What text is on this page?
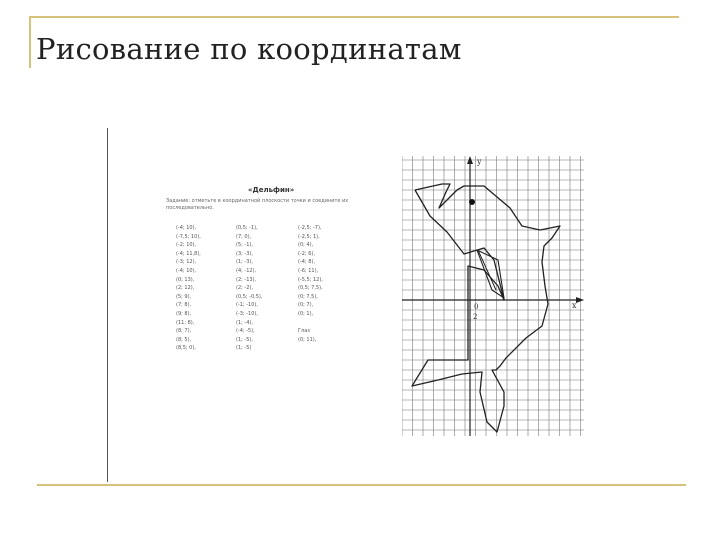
Рисование по координатам
«Дельфин»
Задание: отметьте в координатной плоскости точки и соедините их последовательно.
(-4; 10),
(-7,5; 10),
(-2; 10),
(-4; 11,8),
(-3; 12),
(-4; 10),
(0; 13),
(2; 12),
(5; 9),
(7; 8),
(9; 8),
(11; 8),
(8; 7),
(8; 5),
(8,5; 0),
(0,5; -1),
(7; 0),
(5; -1),
(3; -3),
(1; -3),
(4; -12),
(2; -13),
(2; -2),
(0,5; -0,5),
(-1; -10),
(-3; -10),
(1; -4),
(-4; -5),
(1; -5),
(1; -5)
(-2,5; -7),
(-2,5; 1),
(0; 4),
(-2; 6),
(-4; 8),
(-6; 11),
(-5,5; 12),
(0,5; 7,5),
(0; 7,5),
(0; 7),
(0; 1),
Глаз
(0; 11),
y
x
0
2
